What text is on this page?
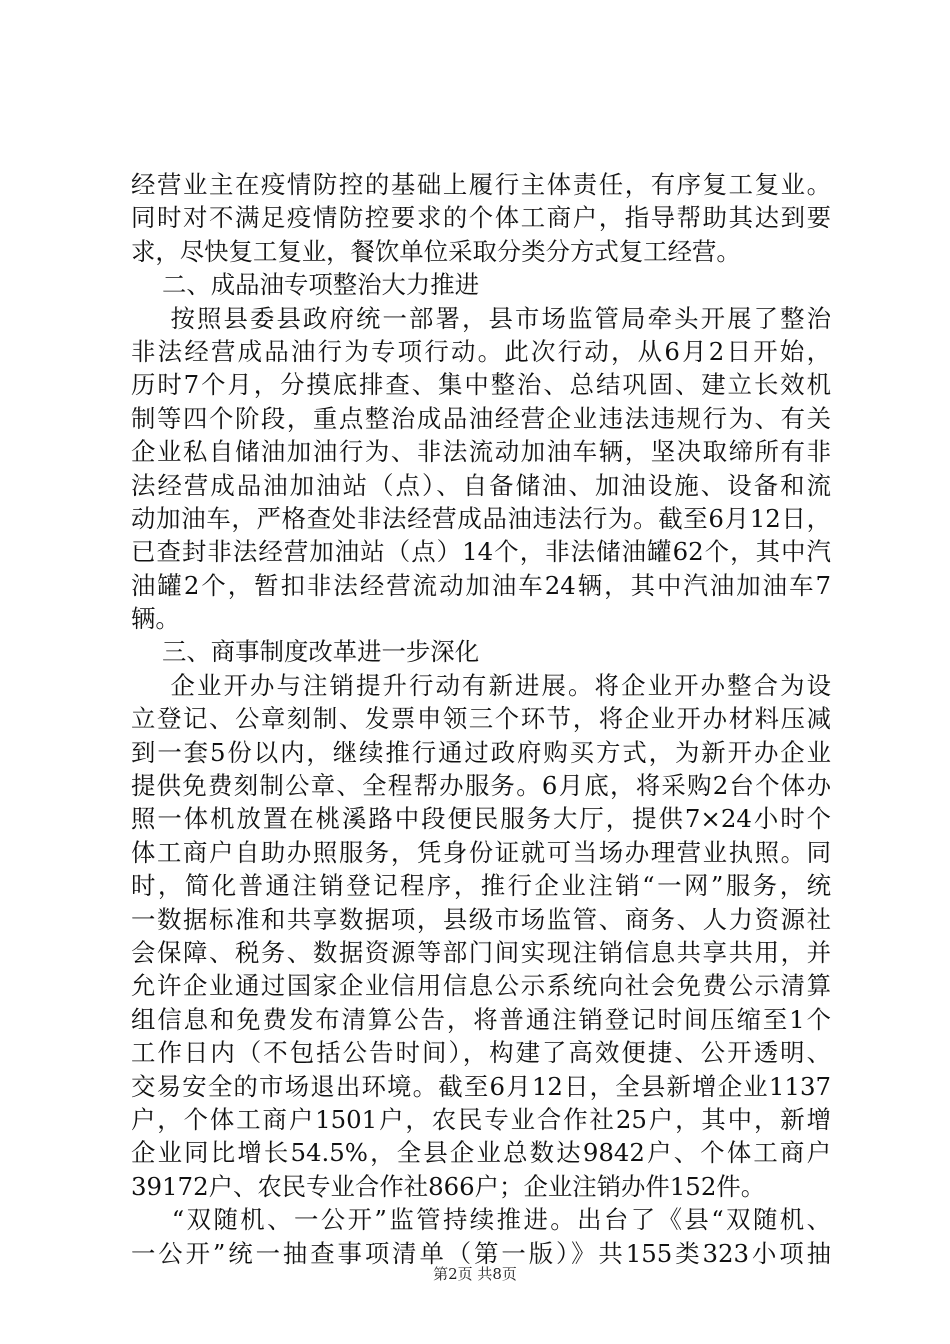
经营业主在疫情防控的基础上履行主体责任，有序复工复业。
同时对不满足疫情防控要求的个体工商户，指导帮助其达到要
求，尽快复工复业，餐饮单位采取分类分方式复工经营。
二、成品油专项整治大力推进
按照县委县政府统一部署，县市场监管局牵头开展了整治
非法经营成品油行为专项行动。此次行动，从6月2日开始，
历时7个月，分摸底排查、集中整治、总结巩固、建立长效机
制等四个阶段，重点整治成品油经营企业违法违规行为、有关
企业私自储油加油行为、非法流动加油车辆，坚决取缔所有非
法经营成品油加油站（点）、自备储油、加油设施、设备和流
动加油车，严格查处非法经营成品油违法行为。截至6月12日，
已查封非法经营加油站（点）14个，非法储油罐62个，其中汽
油罐2个，暂扣非法经营流动加油车24辆，其中汽油加油车7
辆。
三、商事制度改革进一步深化
企业开办与注销提升行动有新进展。将企业开办整合为设
立登记、公章刻制、发票申领三个环节，将企业开办材料压减
到一套5份以内，继续推行通过政府购买方式，为新开办企业
提供免费刻制公章、全程帮办服务。6月底，将采购2台个体办
照一体机放置在桃溪路中段便民服务大厅，提供7×24小时个
体工商户自助办照服务，凭身份证就可当场办理营业执照。同
时，简化普通注销登记程序，推行企业注销“一网”服务，统
一数据标准和共享数据项，县级市场监管、商务、人力资源社
会保障、税务、数据资源等部门间实现注销信息共享共用，并
允许企业通过国家企业信用信息公示系统向社会免费公示清算
组信息和免费发布清算公告，将普通注销登记时间压缩至1个
工作日内（不包括公告时间），构建了高效便捷、公开透明、
交易安全的市场退出环境。截至6月12日，全县新增企业1137
户，个体工商户1501户，农民专业合作社25户，其中，新增
企业同比增长54.5%，全县企业总数达9842户、个体工商户
39172户、农民专业合作社866户；企业注销办件152件。
“双随机、一公开”监管持续推进。出台了《县“双随机、
一公开”统一抽查事项清单（第一版）》共155类323小项抽
第2页 共8页
